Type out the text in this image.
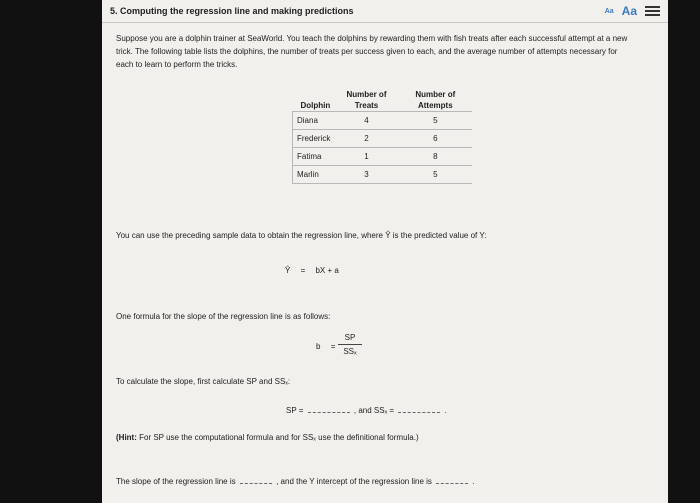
5. Computing the regression line and making predictions	Aa Aa
Suppose you are a dolphin trainer at SeaWorld. You teach the dolphins by rewarding them with fish treats after each successful attempt at a new trick. The following table lists the dolphins, the number of treats per success given to each, and the average number of attempts necessary for each to learn to perform the tricks.
Dolphin	Number of Treats	Number of Attempts
Diana	4	5
Frederick	2	6
Fatima	1	8
Marlin	3	5
You can use the preceding sample data to obtain the regression line, where Ŷ is the predicted value of Y:
Ŷ = bX + a
One formula for the slope of the regression line is as follows:
b =
SP
SSₓ
To calculate the slope, first calculate SP and SSₓ:
SP =	, and SSₓ =	.
(Hint: For SP use the computational formula and for SSₓ use the definitional formula.)
The slope of the regression line is	, and the Y intercept of the regression line is	.
